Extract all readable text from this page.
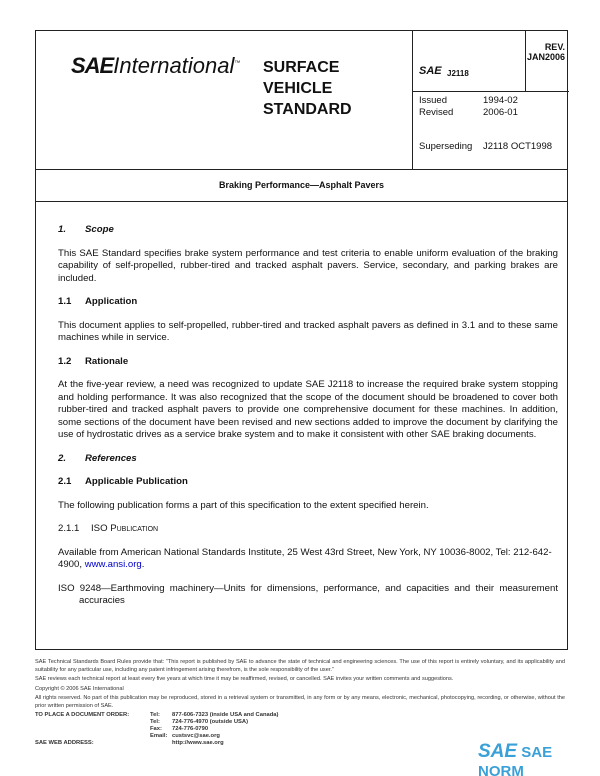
SAEInternational™ SURFACE
VEHICLE
STANDARD
SAE J2118
REV.
JAN2006
Issued	1994-02
Revised	2006-01
Superseding J2118 OCT1998
Braking Performance—Asphalt Pavers
1. Scope

This SAE Standard specifies brake system performance and test criteria to enable uniform evaluation of the braking capability of self-propelled, rubber-tired and tracked asphalt pavers. Service, secondary, and parking brakes are included.

1.1 Application

This document applies to self-propelled, rubber-tired and tracked asphalt pavers as defined in 3.1 and to these same machines while in service.

1.2 Rationale

At the five-year review, a need was recognized to update SAE J2118 to increase the required brake system stopping and holding performance. It was also recognized that the scope of the document should be broadened to cover both rubber-tired and tracked asphalt pavers to provide one comprehensive document for these machines. In addition, some sections of the document have been revised and new sections added to improve the document by clarifying the use of hydrostatic drives as a service brake system and to make it consistent with other SAE braking documents.

2. References
2.1 Applicable Publication

The following publication forms a part of this specification to the extent specified herein.

2.1.1 ISO Publication

Available from American National Standards Institute, 25 West 43rd Street, New York, NY 10036-8002, Tel: 212-642-4900, www.ansi.org.

ISO 9248—Earthmoving machinery—Units for dimensions, performance, and capacities and their measurement accuracies

SAE Technical Standards Board Rules provide that: “This report is published by SAE to advance the state of technical and engineering sciences. The use of this report is entirely voluntary, and its applicability and suitability for any particular use, including any patent infringement arising therefrom, is the sole responsibility of the user.”

SAE reviews each technical report at least every five years at which time it may be reaffirmed, revised, or cancelled. SAE invites your written comments and suggestions.

Copyright © 2006 SAE International

All rights reserved. No part of this publication may be reproduced, stored in a retrieval system or transmitted, in any form or by any means, electronic, mechanical, photocopying, recording, or otherwise, without the prior written permission of SAE.

TO PLACE A DOCUMENT ORDER:	Tel:	877-606-7323 (inside USA and Canada)
Tel:	724-776-4970 (outside USA)
Fax:	724-776-0790
Email: custsvc@sae.org
SAE WEB ADDRESS:	http://www.sae.org	SAE SAE NORM
